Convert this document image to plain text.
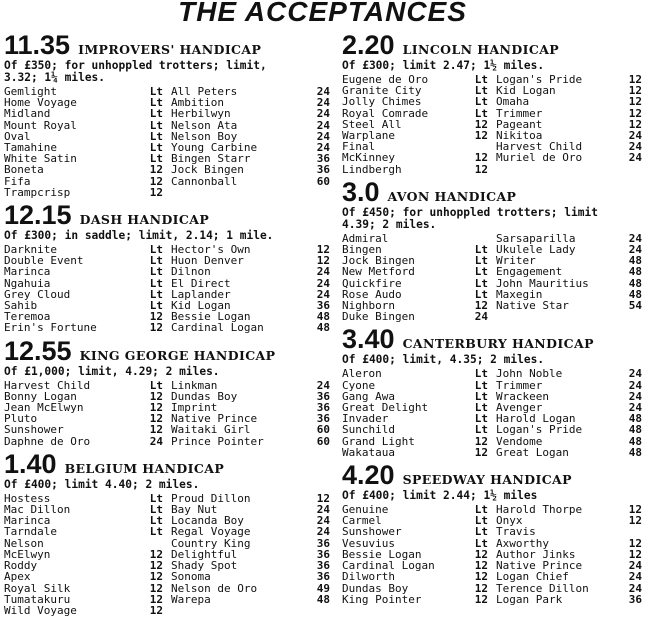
THE ACCEPTANCES
11.35 IMPROVERS' HANDICAP
Of £350; for unhoppled trotters; limit,
3.32; 1¼ miles.
Gemlight	Lt All Peters	24
Home Voyage	Lt Ambition	24
Midland	Lt Herbilwyn	24
Mount Royal	Lt Nelson Ata	24
Oval	Lt Nelson Boy	24
Tamahine	Lt Young Carbine	24
White Satin	Lt Bingen Starr	36
Boneta	12 Jock Bingen	36
Fifa	12 Cannonball	60
Trampcrisp	12
12.15 DASH HANDICAP
Of £300; in saddle; limit, 2.14; 1 mile.
Darknite	Lt Hector's Own	12
Double Event	Lt Huon Denver	12
Marinca	Lt Dilnon	24
Ngahuia	Lt El Direct	24
Grey Cloud	Lt Laplander	24
Sahib	Lt Kid Logan	36
Teremoa	12 Bessie Logan	48
Erin's Fortune	12 Cardinal Logan	48
12.55 KING GEORGE HANDICAP
Of £1,000; limit, 4.29; 2 miles.
Harvest Child	Lt Linkman	24
Bonny Logan	12 Dundas Boy	36
Jean McElwyn	12 Imprint	36
Pluto	12 Native Prince	36
Sunshower	12 Waitaki Girl	60
Daphne de Oro	24 Prince Pointer	60
1.40 BELGIUM HANDICAP
Of £400; limit 4.40; 2 miles.
Hostess	Lt Proud Dillon	12
Mac Dillon	Lt Bay Nut	24
Marinca	Lt Locanda Boy	24
Tarndale	Lt Regal Voyage	24
Nelson	Country King	36
McElwyn	12 Delightful	36
Roddy	12 Shady Spot	36
Apex	12 Sonoma	36
Royal Silk	12 Nelson de Oro	49
Tumatakuru	12 Warepa	48
Wild Voyage	12
2.20 LINCOLN HANDICAP
Of £300; limit 2.47; 1½ miles.
Eugene de Oro	Lt Logan's Pride	12
Granite City	Lt Kid Logan	12
Jolly Chimes	Lt Omaha	12
Royal Comrade	Lt Trimmer	12
Steel All	12 Pageant	12
Warplane	12 Nikitoa	24
Final	Harvest Child	24
McKinney	12 Muriel de Oro	24
Lindbergh	12
3.0 AVON HANDICAP
Of £450; for unhoppled trotters; limit
4.39; 2 miles.
Admiral	Sarsaparilla	24
Bingen	Lt Ukulele Lady	24
Jock Bingen	Lt Writer	48
New Metford	Lt Engagement	48
Quickfire	Lt John Mauritius	48
Rose Audo	Lt Maxegin	48
Nighborn	12 Native Star	54
Duke Bingen	24
3.40 CANTERBURY HANDICAP
Of £400; limit, 4.35; 2 miles.
Aleron	Lt John Noble	24
Cyone	Lt Trimmer	24
Gang Awa	Lt Wrackeen	24
Great Delight	Lt Avenger	24
Invader	Lt Harold Logan	48
Sunchild	Lt Logan's Pride	48
Grand Light	12 Vendome	48
Wakataua	12 Great Logan	48
4.20 SPEEDWAY HANDICAP
Of £400; limit 2.44; 1½ miles
Genuine	Lt Harold Thorpe	12
Carmel	Lt Onyx	12
Sunshower	Lt Travis
Vesuvius	Lt Axworthy	12
Bessie Logan	12 Author Jinks	12
Cardinal Logan	12 Native Prince	24
Dilworth	12 Logan Chief	24
Dundas Boy	12 Terence Dillon	24
King Pointer	12 Logan Park	36
